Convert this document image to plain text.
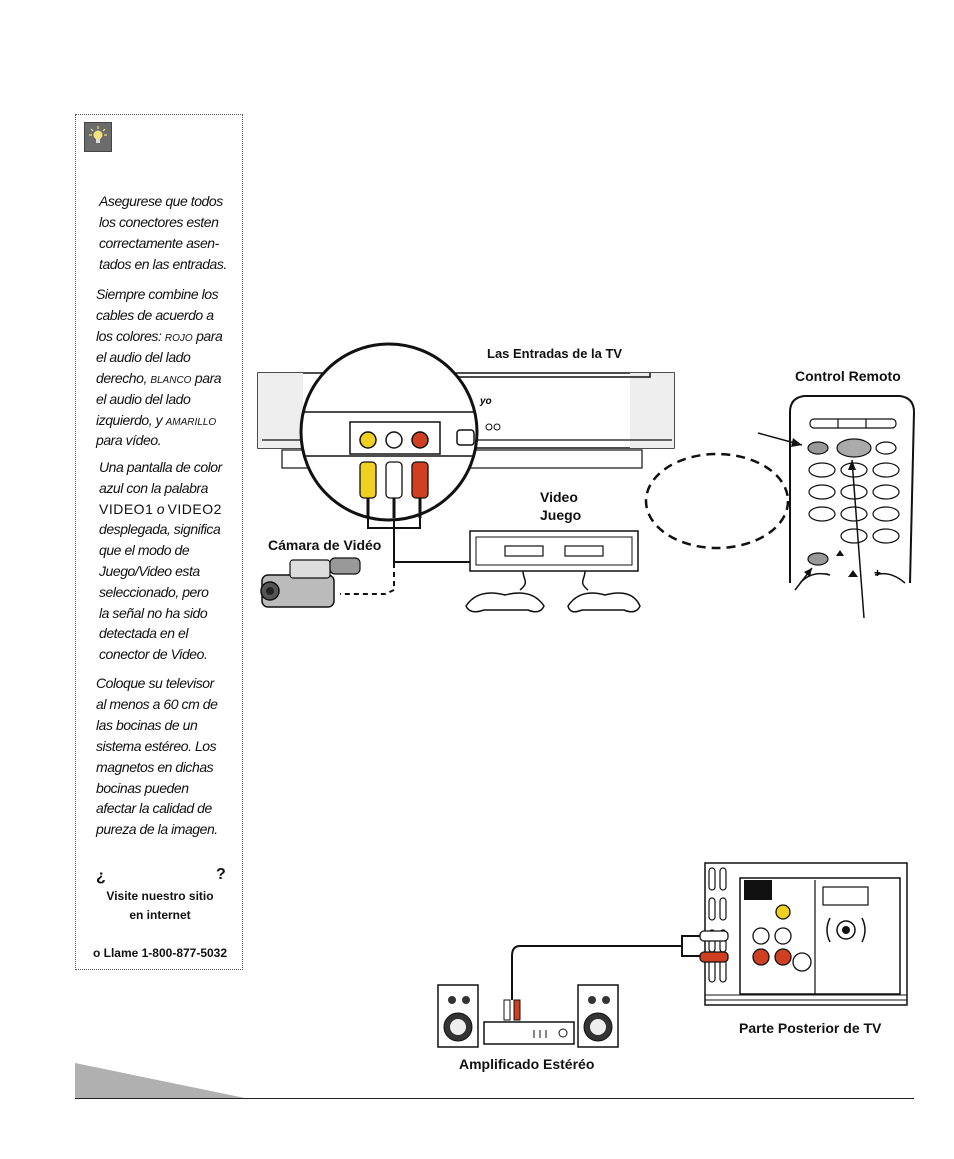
Asegurese que todos
los conectores esten
correctamente asen-
tados en las entradas.
Siempre combine los
cables de acuerdo a
los colores: ROJO para
el audio del lado
derecho, BLANCO para
el audio del lado
izquierdo, y AMARILLO
para vídeo.
Una pantalla de color
azul con la palabra
VIDEO1 o VIDEO2
desplegada, significa
que el modo de
Juego/Video esta
seleccionado, pero
la señal no ha sido
detectada en el
conector de Video.
Coloque su televisor
al menos a 60 cm de
las bocinas de un
sistema estéreo. Los
magnetos en dichas
bocinas pueden
afectar la calidad de
pureza de la imagen.
¿	?
Visite nuestro sitio
en internet
o Llame 1-800-877-5032
Las Entradas de la TV
Control Remoto
Video
Juego
Cámara de Vidéo
Parte Posterior de TV
Amplificado Estéréo
yo
–	+
